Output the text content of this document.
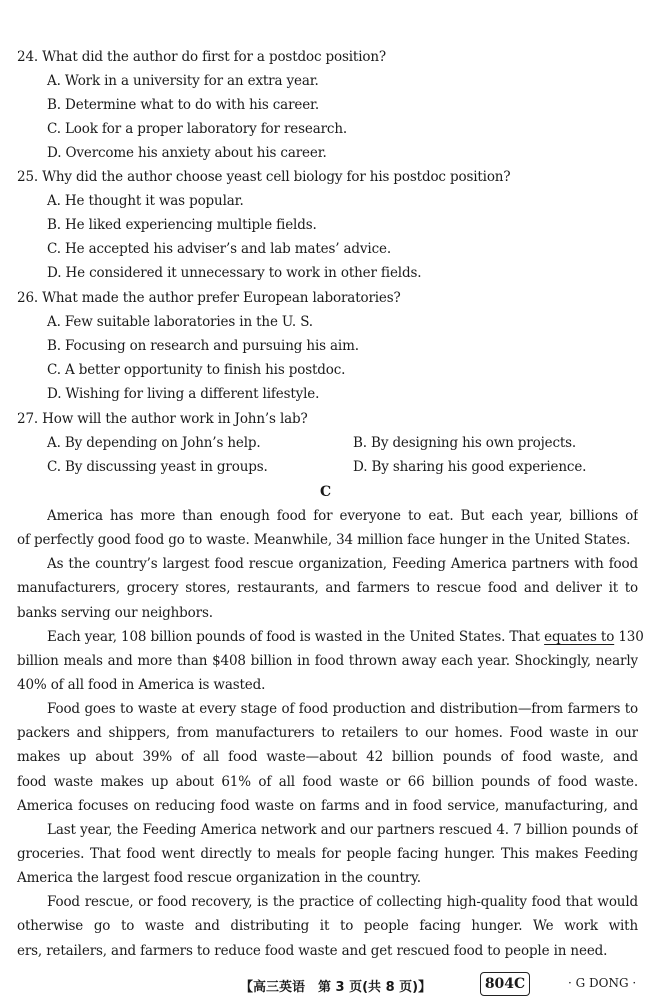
24. What did the author do first for a postdoc position?
A. Work in a university for an extra year.
B. Determine what to do with his career.
C. Look for a proper laboratory for research.
D. Overcome his anxiety about his career.
25. Why did the author choose yeast cell biology for his postdoc position?
A. He thought it was popular.
B. He liked experiencing multiple fields.
C. He accepted his adviser’s and lab mates’ advice.
D. He considered it unnecessary to work in other fields.
26. What made the author prefer European laboratories?
A. Few suitable laboratories in the U. S.
B. Focusing on research and pursuing his aim.
C. A better opportunity to finish his postdoc.
D. Wishing for living a different lifestyle.
27. How will the author work in John’s lab?
A. By depending on John’s help.	B. By designing his own projects.
C. By discussing yeast in groups.	D. By sharing his good experience.
C
America has more than enough food for everyone to eat. But each year, billions of
of perfectly good food go to waste. Meanwhile, 34 million face hunger in the United States.
As the country’s largest food rescue organization, Feeding America partners with food
manufacturers, grocery stores, restaurants, and farmers to rescue food and deliver it to
banks serving our neighbors.
Each year, 108 billion pounds of food is wasted in the United States. That equates to 130
billion meals and more than $408 billion in food thrown away each year. Shockingly, nearly
40% of all food in America is wasted.
Food goes to waste at every stage of food production and distribution—from farmers to
packers and shippers, from manufacturers to retailers to our homes. Food waste in our
makes up about 39% of all food waste—about 42 billion pounds of food waste, and
food waste makes up about 61% of all food waste or 66 billion pounds of food waste.
America focuses on reducing food waste on farms and in food service, manufacturing, and
Last year, the Feeding America network and our partners rescued 4. 7 billion pounds of
groceries. That food went directly to meals for people facing hunger. This makes Feeding
America the largest food rescue organization in the country.
Food rescue, or food recovery, is the practice of collecting high-quality food that would
otherwise go to waste and distributing it to people facing hunger. We work with
ers, retailers, and farmers to reduce food waste and get rescued food to people in need.
【高三英语　第 3 页(共 8 页)】	804C	· G DONG ·
